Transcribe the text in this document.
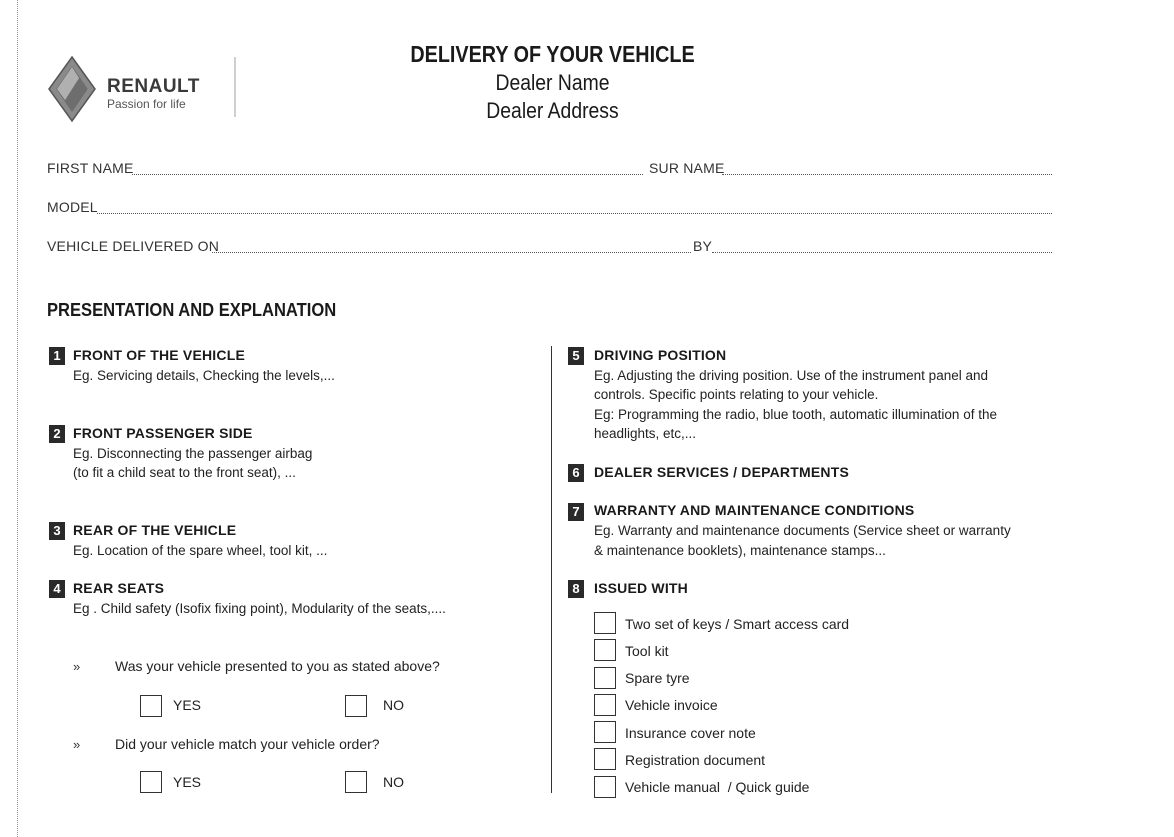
RENAULT
Passion for life
DELIVERY OF YOUR VEHICLE
Dealer Name
Dealer Address
FIRST NAME	SUR NAME
MODEL
VEHICLE DELIVERED ON	BY
PRESENTATION AND EXPLANATION
1 FRONT OF THE VEHICLE
Eg. Servicing details, Checking the levels,...
2 FRONT PASSENGER SIDE
Eg. Disconnecting the passenger airbag
(to fit a child seat to the front seat), ...
3 REAR OF THE VEHICLE
Eg. Location of the spare wheel, tool kit, ...
4 REAR SEATS
Eg . Child safety (Isofix fixing point), Modularity of the seats,....
» Was your vehicle presented to you as stated above?
YES	NO
» Did your vehicle match your vehicle order?
YES	NO
5	DRIVING POSITION
Eg. Adjusting the driving position. Use of the instrument panel and
controls. Specific points relating to your vehicle.
Eg: Programming the radio, blue tooth, automatic illumination of the
headlights, etc,...
6	DEALER SERVICES / DEPARTMENTS
7	WARRANTY AND MAINTENANCE CONDITIONS
Eg. Warranty and maintenance documents (Service sheet or warranty
& maintenance booklets), maintenance stamps...
8	ISSUED WITH
Two set of keys / Smart access card
Tool kit
Spare tyre
Vehicle invoice
Insurance cover note
Registration document
Vehicle manual  / Quick guide
